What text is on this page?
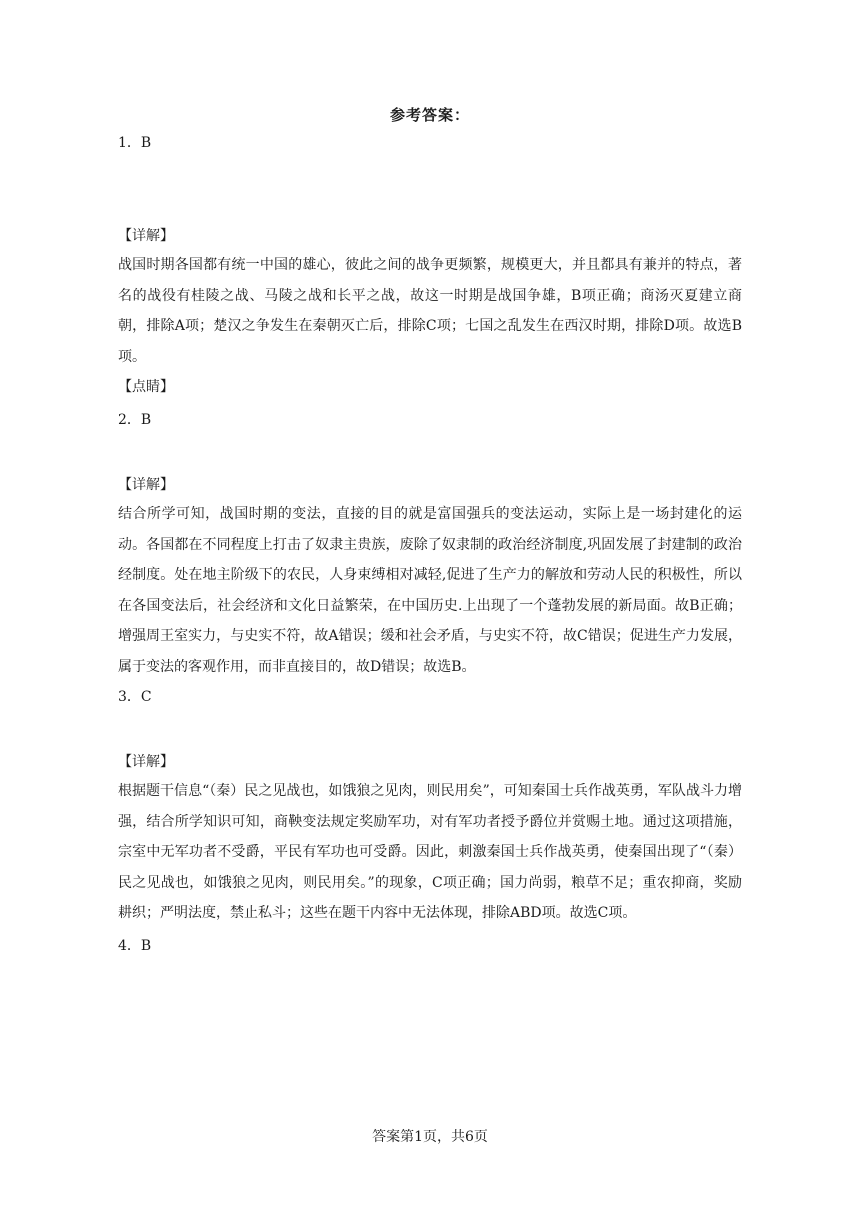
参考答案：
1．B
【详解】

战国时期各国都有统一中国的雄心，彼此之间的战争更频繁，规模更大，并且都具有兼并的特点，著名的战役有桂陵之战、马陵之战和长平之战，故这一时期是战国争雄，B项正确；商汤灭夏建立商朝，排除A项；楚汉之争发生在秦朝灭亡后，排除C项；七国之乱发生在西汉时期，排除D项。故选B项。

【点睛】
2．B
【详解】

结合所学可知，战国时期的变法，直接的目的就是富国强兵的变法运动，实际上是一场封建化的运动。各国都在不同程度上打击了奴隶主贵族，废除了奴隶制的政治经济制度,巩固发展了封建制的政治经制度。处在地主阶级下的农民，人身束缚相对减轻,促进了生产力的解放和劳动人民的积极性，所以在各国变法后，社会经济和文化日益繁荣，在中国历史.上出现了一个蓬勃发展的新局面。故B正确；增强周王室实力，与史实不符，故A错误；缓和社会矛盾，与史实不符，故C错误；促进生产力发展，属于变法的客观作用，而非直接目的，故D错误；故选B。

3．C
【详解】

根据题干信息“（秦）民之见战也，如饿狼之见肉，则民用矣”，可知秦国士兵作战英勇，军队战斗力增强，结合所学知识可知，商鞅变法规定奖励军功，对有军功者授予爵位并赏赐土地。通过这项措施，宗室中无军功者不受爵，平民有军功也可受爵。因此，刺激秦国士兵作战英勇，使秦国出现了“（秦）民之见战也，如饿狼之见肉，则民用矣。”的现象，C项正确；国力尚弱，粮草不足；重农抑商，奖励耕织；严明法度，禁止私斗；这些在题干内容中无法体现，排除ABD项。故选C项。

4．B
答案第1页，共6页
